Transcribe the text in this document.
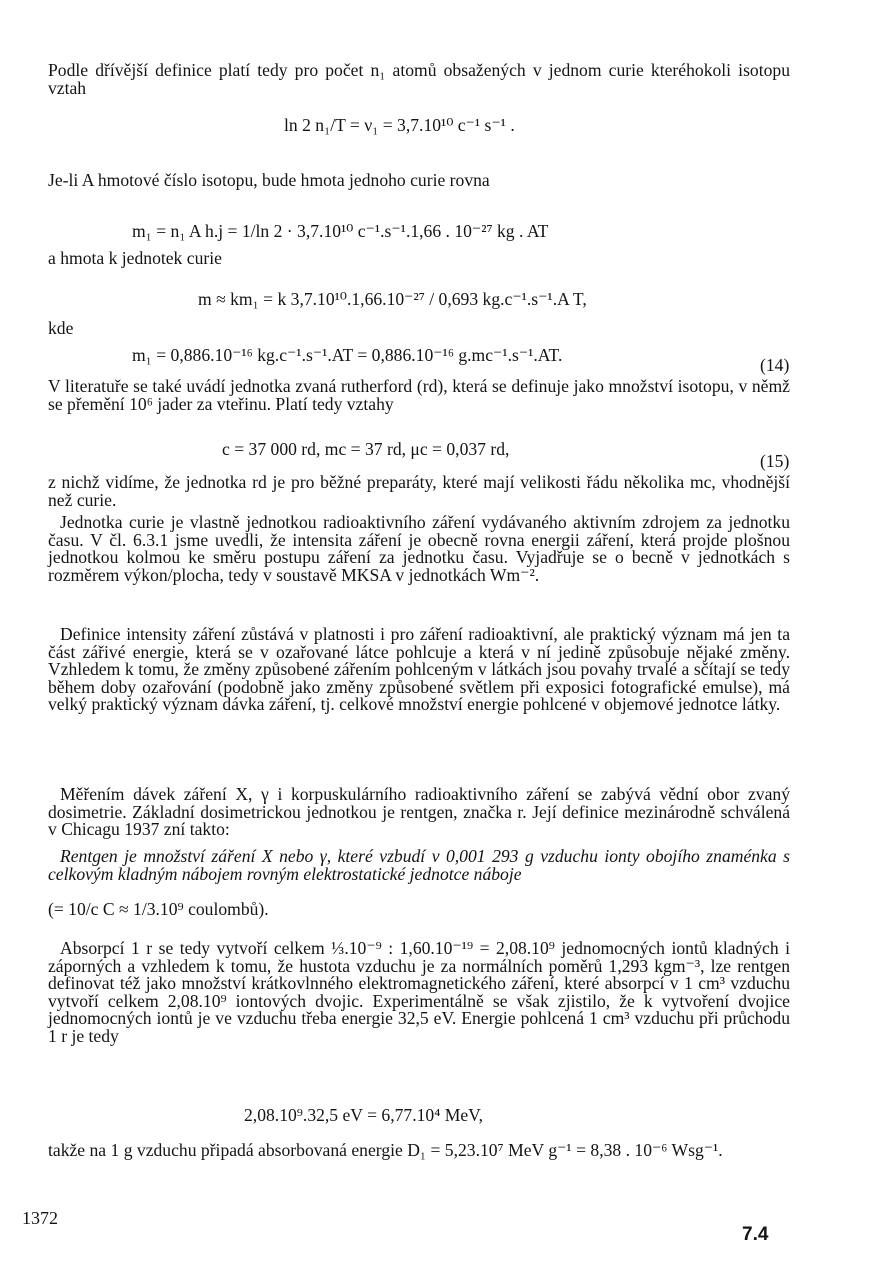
Podle dřívější definice platí tedy pro počet n₁ atomů obsažených v jednom curie kteréhokoli isotopu vztah
ln 2 n₁/T = ν₁ = 3,7.10¹⁰ c⁻¹ s⁻¹ .
Je-li A hmotové číslo isotopu, bude hmota jednoho curie rovna
m₁ = n₁ A h.j = 1/ln 2 · 3,7.10¹⁰ c⁻¹.s⁻¹.1,66 . 10⁻²⁷ kg . AT
a hmota k jednotek curie
m ≈ km₁ = k 3,7.10¹⁰.1,66.10⁻²⁷ / 0,693 kg.c⁻¹.s⁻¹.A T,
kde
m₁ = 0,886.10⁻¹⁶ kg.c⁻¹.s⁻¹.AT = 0,886.10⁻¹⁶ g.mc⁻¹.s⁻¹.AT.	(14)
V literatuře se také uvádí jednotka zvaná rutherford (rd), která se definuje jako množství isotopu, v němž se přemění 10⁶ jader za vteřinu. Platí tedy vztahy
c = 37 000 rd, mc = 37 rd, μc = 0,037 rd,
(15)
z nichž vidíme, že jednotka rd je pro běžné preparáty, které mají velikosti řádu několika mc, vhodnější než curie.
Jednotka curie je vlastně jednotkou radioaktivního záření vydávaného aktivním zdrojem za jednotku času. V čl. 6.3.1 jsme uvedli, že intensita záření je obecně rovna energii záření, která projde plošnou jednotkou kolmou ke směru postupu záření za jednotku času. Vyjadřuje se o becně v jednotkách s rozměrem výkon/plocha, tedy v soustavě MKSA v jednotkách Wm⁻².
Definice intensity záření zůstává v platnosti i pro záření radioaktivní, ale praktický význam má jen ta část zářivé energie, která se v ozařované látce pohlcuje a která v ní jedině způsobuje nějaké změny. Vzhledem k tomu, že změny způsobené zářením pohlceným v látkách jsou povahy trvalé a sčítají se tedy během doby ozařování (podobně jako změny způsobené světlem při exposici fotografické emulse), má velký praktický význam dávka záření, tj. celkové množství energie pohlcené v objemové jednotce látky.
Měřením dávek záření X, γ i korpuskulárního radioaktivního záření se zabývá vědní obor zvaný dosimetrie. Základní dosimetrickou jednotkou je rentgen, značka r. Její definice mezinárodně schválená v Chicagu 1937 zní takto:
Rentgen je množství záření X nebo γ, které vzbudí v 0,001 293 g vzduchu ionty obojího znaménka s celkovým kladným nábojem rovným elektrostatické jednotce náboje
(= 10/c C ≈ 1/3.10⁹ coulombů).
Absorpcí 1 r se tedy vytvoří celkem ⅓.10⁻⁹ : 1,60.10⁻¹⁹ = 2,08.10⁹ jednomocných iontů kladných i záporných a vzhledem k tomu, že hustota vzduchu je za normálních poměrů 1,293 kgm⁻³, lze rentgen definovat též jako množství krátkovlnného elektromagnetického záření, které absorpcí v 1 cm³ vzduchu vytvoří celkem 2,08.10⁹ iontových dvojic. Experimentálně se však zjistilo, že k vytvoření dvojice jednomocných iontů je ve vzduchu třeba energie 32,5 eV. Energie pohlcená 1 cm³ vzduchu při průchodu 1 r je tedy
2,08.10⁹.32,5 eV = 6,77.10⁴ MeV,
takže na 1 g vzduchu připadá absorbovaná energie D₁ = 5,23.10⁷ MeV g⁻¹ = 8,38 . 10⁻⁶ Wsg⁻¹.
1372
7.4
